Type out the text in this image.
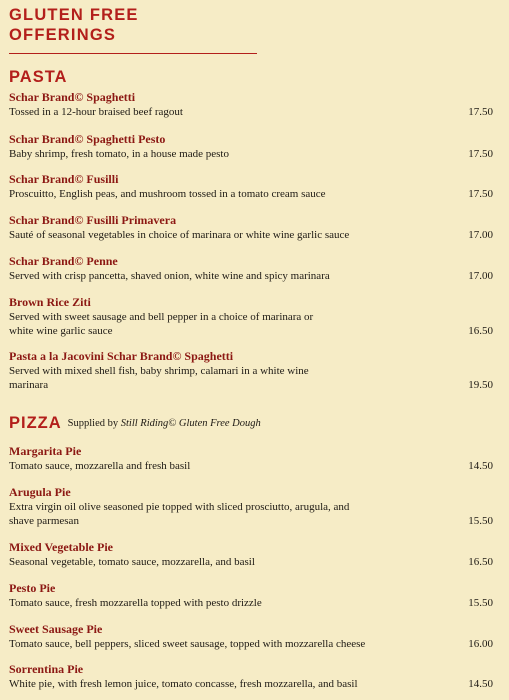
GLUTEN FREE
OFFERINGS
PASTA
Schar Brand© Spaghetti
Tossed in a 12-hour braised beef ragout	17.50
Schar Brand© Spaghetti Pesto
Baby shrimp, fresh tomato, in a house made pesto	17.50
Schar Brand© Fusilli
Proscuitto, English peas, and mushroom tossed in a tomato cream sauce	17.50
Schar Brand© Fusilli Primavera
Sauté of seasonal vegetables in choice of marinara or white wine garlic sauce	17.00
Schar Brand© Penne
Served with crisp pancetta, shaved onion, white wine and spicy marinara	17.00
Brown Rice Ziti
Served with sweet sausage and bell pepper in a choice of marinara or white wine garlic sauce	16.50
Pasta a la Jacovini Schar Brand© Spaghetti
Served with mixed shell fish, baby shrimp, calamari in a white wine marinara	19.50
PIZZA Supplied by Still Riding© Gluten Free Dough
Margarita Pie
Tomato sauce, mozzarella and fresh basil	14.50
Arugula Pie
Extra virgin oil olive seasoned pie topped with sliced prosciutto, arugula, and shave parmesan	15.50
Mixed Vegetable Pie
Seasonal vegetable, tomato sauce, mozzarella, and basil	16.50
Pesto Pie
Tomato sauce, fresh mozzarella topped with pesto drizzle	15.50
Sweet Sausage Pie
Tomato sauce, bell peppers, sliced sweet sausage, topped with mozzarella cheese	16.00
Sorrentina Pie
White pie, with fresh lemon juice, tomato concasse, fresh mozzarella, and basil	14.50
